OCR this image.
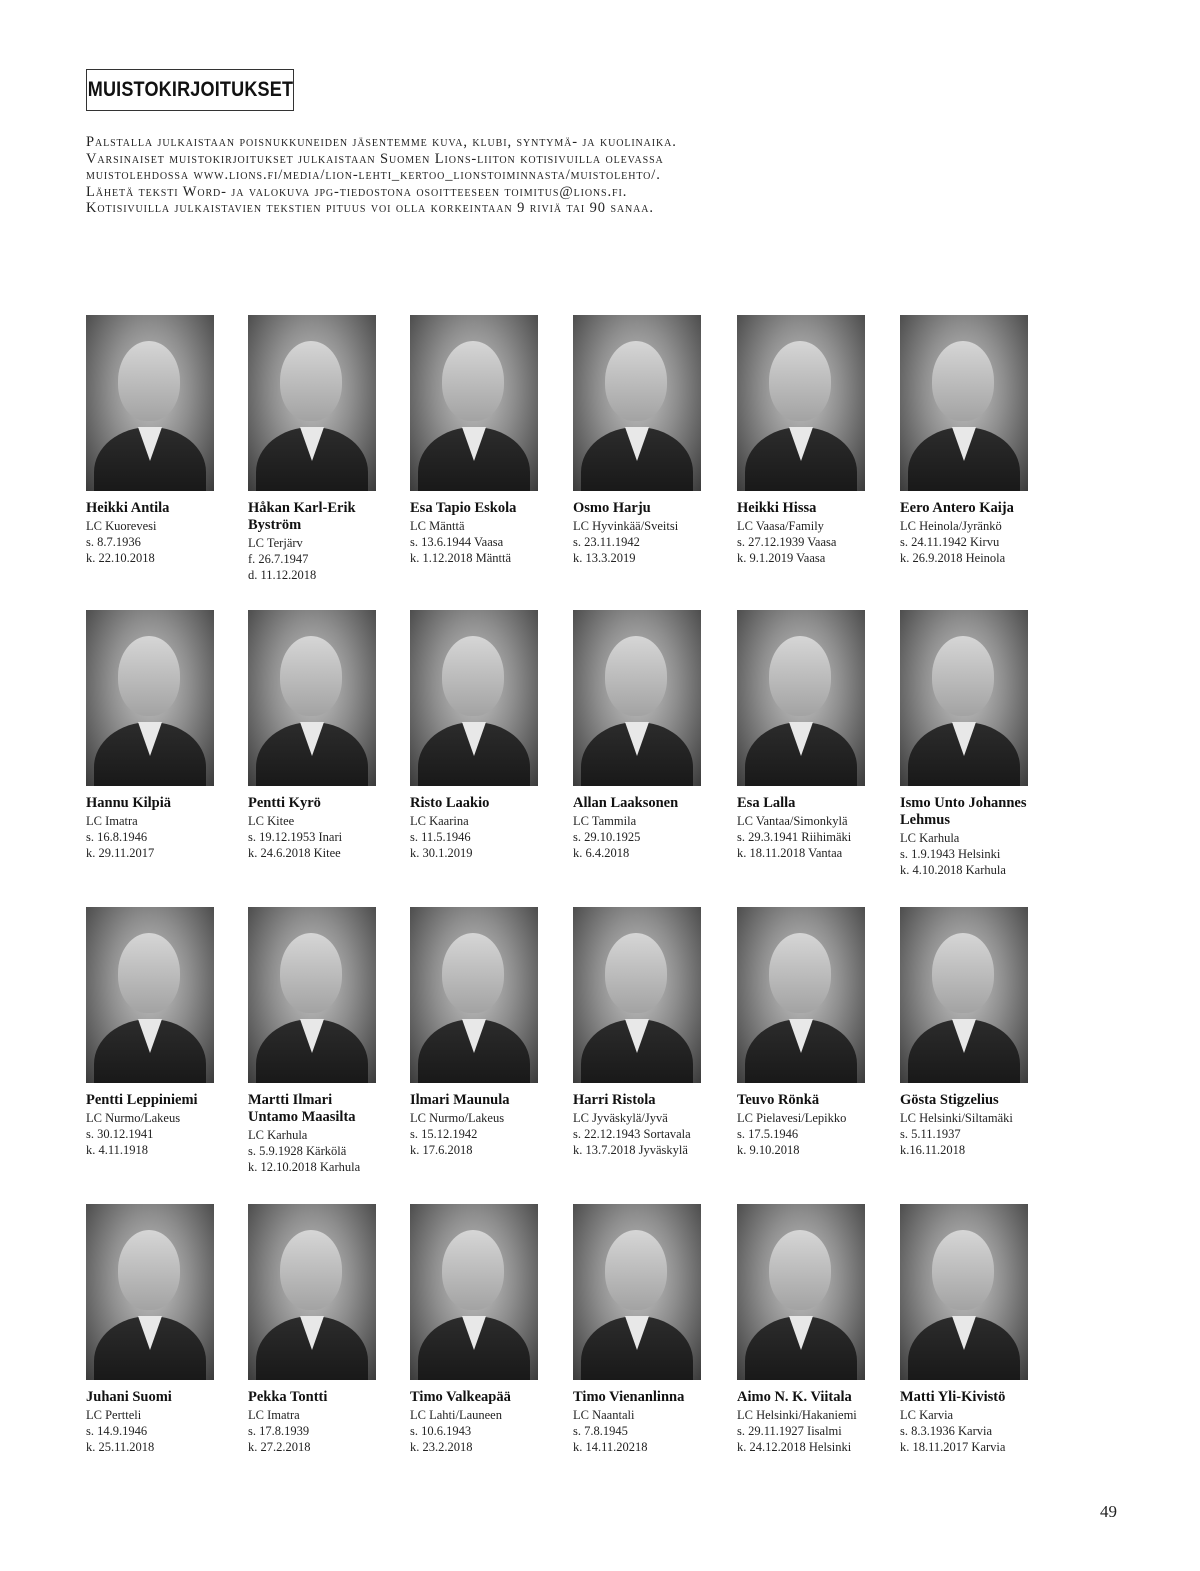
MUISTOKIRJOITUKSET
Palstalla julkaistaan poisnukkuneiden jäsentemme kuva, klubi, syntymä- ja kuolinaika.
Varsinaiset muistokirjoitukset julkaistaan Suomen Lions-liiton kotisivuilla olevassa
muistolehdossa www.lions.fi/media/lion-lehti_kertoo_lionstoiminnasta/muistolehto/.
Lähetä teksti Word- ja valokuva jpg-tiedostona osoitteeseen toimitus@lions.fi.
Kotisivuilla julkaistavien tekstien pituus voi olla korkeintaan 9 riviä tai 90 sanaa.
Heikki Antila
LC Kuorevesi
s. 8.7.1936
k. 22.10.2018
Håkan Karl-Erik
Byström
LC Terjärv
f. 26.7.1947
d. 11.12.2018
Esa Tapio Eskola
LC Mänttä
s. 13.6.1944 Vaasa
k. 1.12.2018 Mänttä
Osmo Harju
LC Hyvinkää/Sveitsi
s. 23.11.1942
k. 13.3.2019
Heikki Hissa
LC Vaasa/Family
s. 27.12.1939 Vaasa
k. 9.1.2019 Vaasa
Eero Antero Kaija
LC Heinola/Jyränkö
s. 24.11.1942 Kirvu
k. 26.9.2018 Heinola
Hannu Kilpiä
LC Imatra
s. 16.8.1946
k. 29.11.2017
Pentti Kyrö
LC Kitee
s. 19.12.1953 Inari
k. 24.6.2018 Kitee
Risto Laakio
LC Kaarina
s. 11.5.1946
k. 30.1.2019
Allan Laaksonen
LC Tammila
s. 29.10.1925
k. 6.4.2018
Esa Lalla
LC Vantaa/Simonkylä
s. 29.3.1941 Riihimäki
k. 18.11.2018 Vantaa
Ismo Unto Johannes
Lehmus
LC Karhula
s. 1.9.1943 Helsinki
k. 4.10.2018 Karhula
Pentti Leppiniemi
LC Nurmo/Lakeus
s. 30.12.1941
k. 4.11.1918
Martti Ilmari
Untamo Maasilta
LC Karhula
s. 5.9.1928 Kärkölä
k. 12.10.2018 Karhula
Ilmari Maunula
LC Nurmo/Lakeus
s. 15.12.1942
k. 17.6.2018
Harri Ristola
LC Jyväskylä/Jyvä
s. 22.12.1943 Sortavala
k. 13.7.2018 Jyväskylä
Teuvo Rönkä
LC Pielavesi/Lepikko
s. 17.5.1946
k. 9.10.2018
Gösta Stigzelius
LC Helsinki/Siltamäki
s. 5.11.1937
k.16.11.2018
Juhani Suomi
LC Pertteli
s. 14.9.1946
k. 25.11.2018
Pekka Tontti
LC Imatra
s. 17.8.1939
k. 27.2.2018
Timo Valkeapää
LC Lahti/Launeen
s. 10.6.1943
k. 23.2.2018
Timo Vienanlinna
LC Naantali
s. 7.8.1945
k. 14.11.20218
Aimo N. K. Viitala
LC Helsinki/Hakaniemi
s. 29.11.1927 Iisalmi
k. 24.12.2018 Helsinki
Matti Yli-Kivistö
LC Karvia
s. 8.3.1936 Karvia
k. 18.11.2017 Karvia
49
